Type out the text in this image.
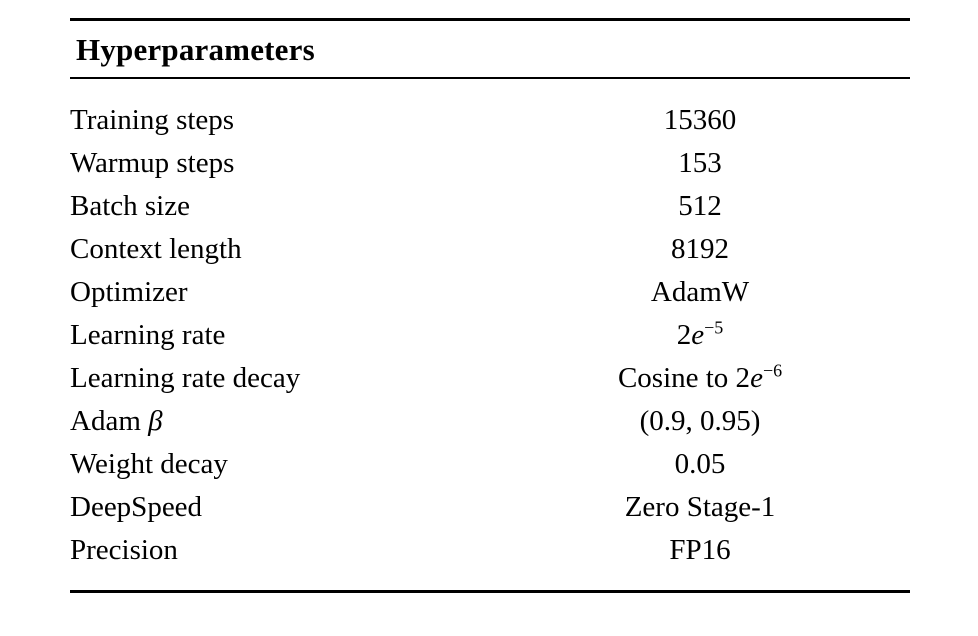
Hyperparameters

Training steps	15360
Warmup steps	153
Batch size	512
Context length	8192
Optimizer	AdamW
Learning rate	$2e^{-5}$
Learning rate decay	Cosine to $2e^{-6}$
Adam β	(0.9, 0.95)
Weight decay	0.05
DeepSpeed	Zero Stage-1
Precision	FP16
